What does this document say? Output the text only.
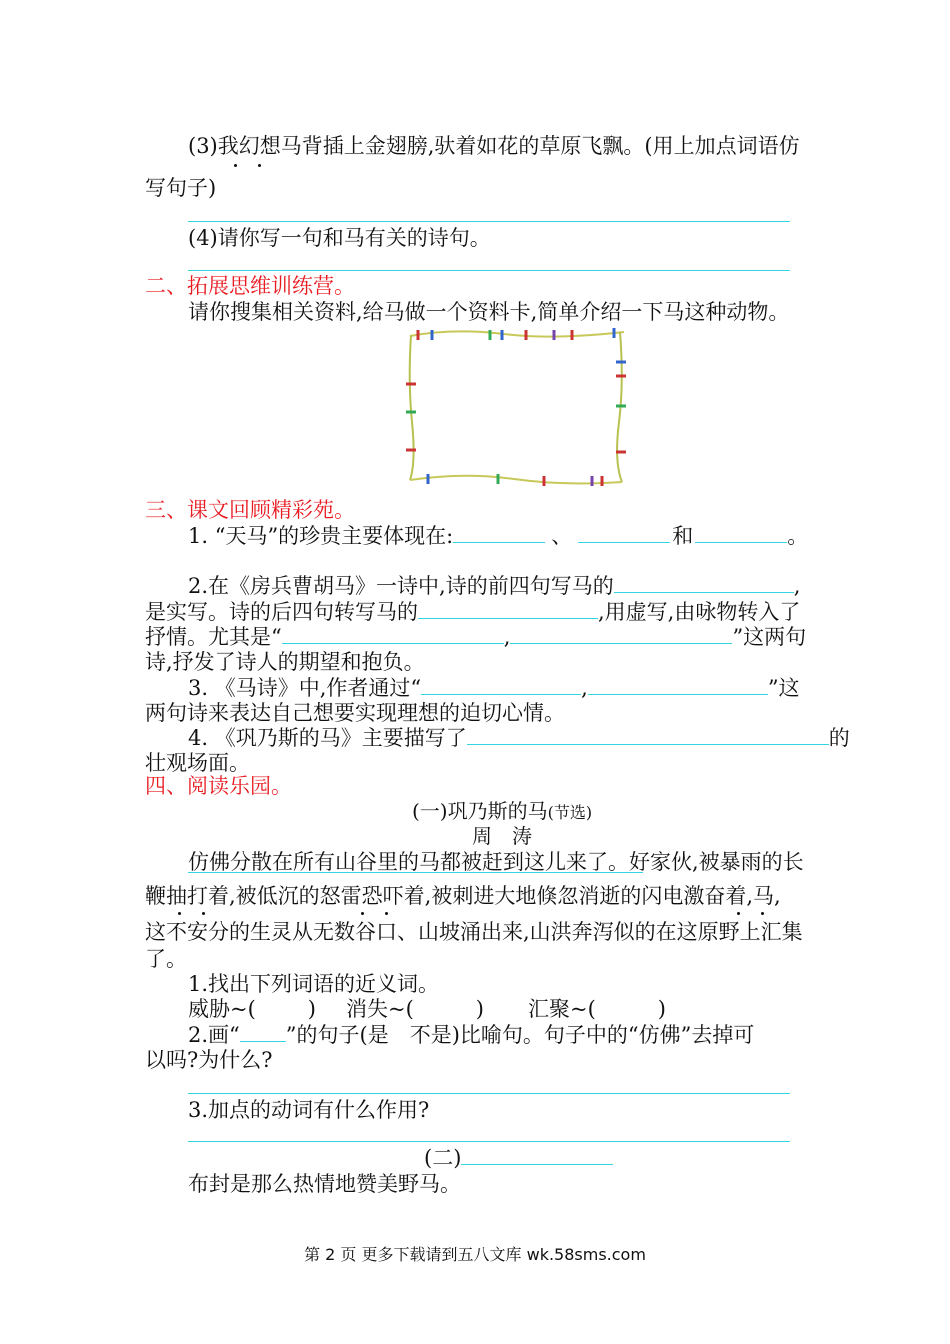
(3)我幻想马背插上金翅膀,驮着如花的草原飞飘。(用上加点词语仿
写句子)
(4)请你写一句和马有关的诗句。
二、拓展思维训练营。
请你搜集相关资料,给马做一个资料卡,简单介绍一下马这种动物。
三、课文回顾精彩苑。
1. “天马”的珍贵主要体现在:	、	和	。
2.在《房兵曹胡马》一诗中,诗的前四句写马的	,
是实写。诗的后四句转写马的	,用虚写,由咏物转入了
抒情。尤其是“	,	”这两句
诗,抒发了诗人的期望和抱负。
3. 《马诗》中,作者通过“	,	”这
两句诗来表达自己想要实现理想的迫切心情。
4. 《巩乃斯的马》主要描写了	的
壮观场面。
四、阅读乐园。
(一)巩乃斯的马(节选)
周　涛
仿佛分散在所有山谷里的马都被赶到这儿来了。好家伙,被暴雨的长
鞭抽打着,被低沉的怒雷恐吓着,被刺进大地倏忽消逝的闪电激奋着,马,
这不安分的生灵从无数谷口、山坡涌出来,山洪奔泻似的在这原野上汇集
了。
1.找出下列词语的近义词。
威胁~( ) 消失~(	) 汇聚~(	)
2.画“ ”的句子(是　不是)比喻句。句子中的“仿佛”去掉可
以吗?为什么?
3.加点的动词有什么作用?
(二)
布封是那么热情地赞美野马。
第 2 页 更多下载请到五八文库 wk.58sms.com
